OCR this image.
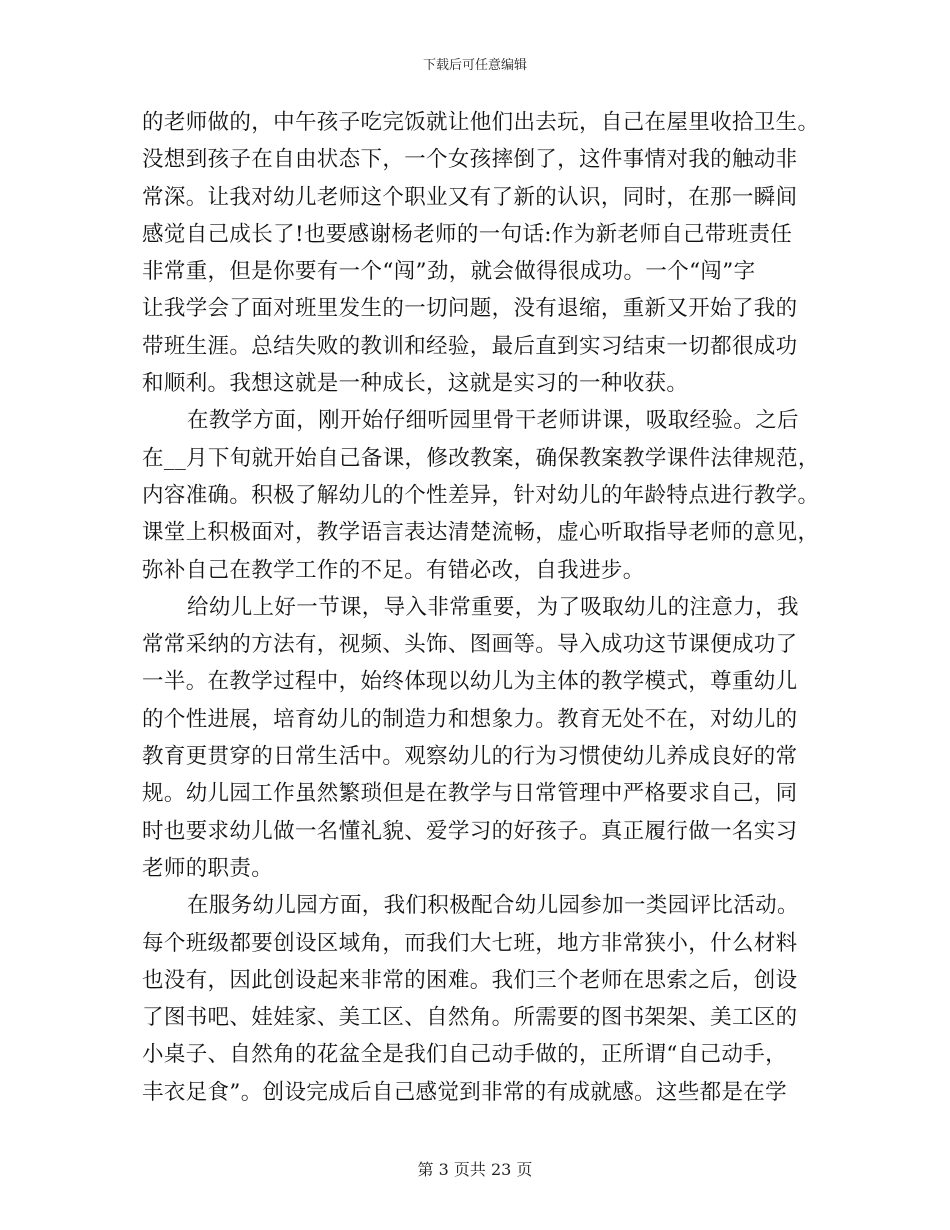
下载后可任意编辑
的老师做的，中午孩子吃完饭就让他们出去玩，自己在屋里收拾卫生。
没想到孩子在自由状态下，一个女孩摔倒了，这件事情对我的触动非
常深。让我对幼儿老师这个职业又有了新的认识，同时，在那一瞬间
感觉自己成长了!也要感谢杨老师的一句话:作为新老师自己带班责任
非常重，但是你要有一个“闯”劲，就会做得很成功。一个“闯”字
让我学会了面对班里发生的一切问题，没有退缩，重新又开始了我的
带班生涯。总结失败的教训和经验，最后直到实习结束一切都很成功
和顺利。我想这就是一种成长，这就是实习的一种收获。
在教学方面，刚开始仔细听园里骨干老师讲课，吸取经验。之后
在__月下旬就开始自己备课，修改教案，确保教案教学课件法律规范，
内容准确。积极了解幼儿的个性差异，针对幼儿的年龄特点进行教学。
课堂上积极面对，教学语言表达清楚流畅，虚心听取指导老师的意见，
弥补自己在教学工作的不足。有错必改，自我进步。
给幼儿上好一节课，导入非常重要，为了吸取幼儿的注意力，我
常常采纳的方法有，视频、头饰、图画等。导入成功这节课便成功了
一半。在教学过程中，始终体现以幼儿为主体的教学模式，尊重幼儿
的个性进展，培育幼儿的制造力和想象力。教育无处不在，对幼儿的
教育更贯穿的日常生活中。观察幼儿的行为习惯使幼儿养成良好的常
规。幼儿园工作虽然繁琐但是在教学与日常管理中严格要求自己，同
时也要求幼儿做一名懂礼貌、爱学习的好孩子。真正履行做一名实习
老师的职责。
在服务幼儿园方面，我们积极配合幼儿园参加一类园评比活动。
每个班级都要创设区域角，而我们大七班，地方非常狭小，什么材料
也没有，因此创设起来非常的困难。我们三个老师在思索之后，创设
了图书吧、娃娃家、美工区、自然角。所需要的图书架架、美工区的
小桌子、自然角的花盆全是我们自己动手做的，正所谓“自己动手，
丰衣足食”。创设完成后自己感觉到非常的有成就感。这些都是在学
第 3 页共 23 页
